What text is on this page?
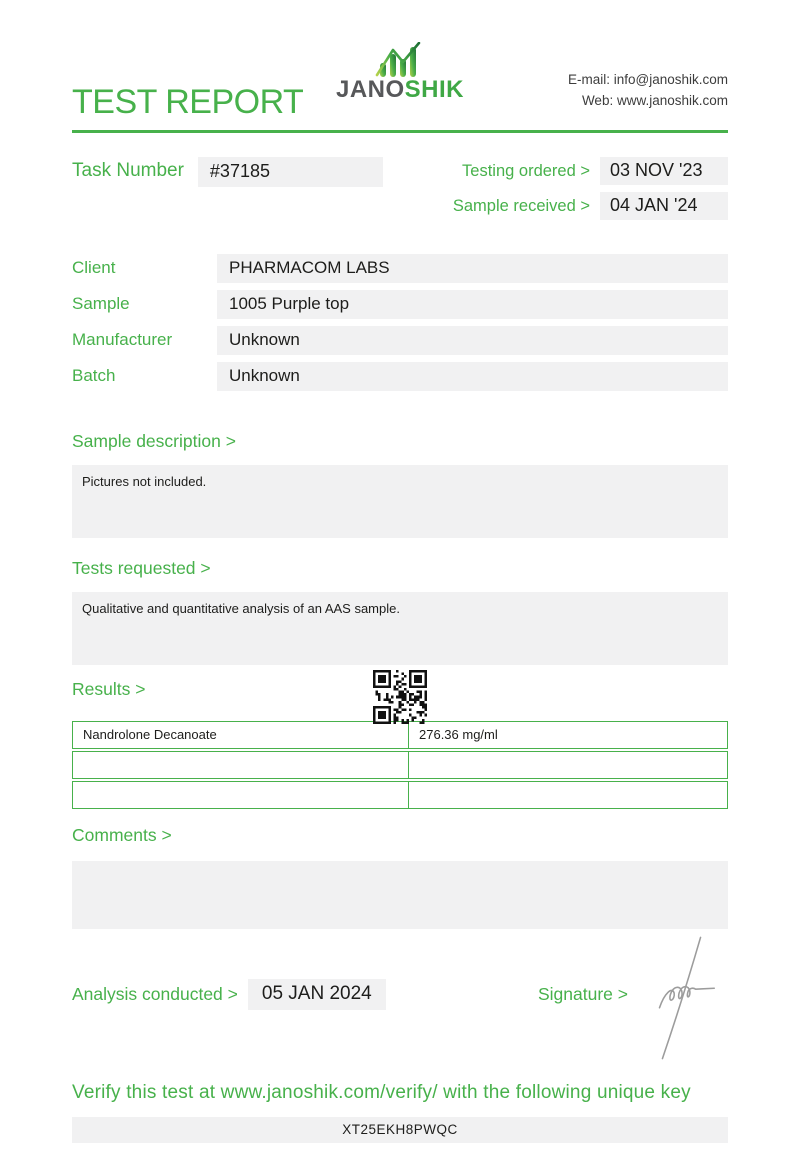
TEST REPORT JANOSHIK	E-mail: info@janoshik.com
Web: www.janoshik.com
Task Number	#37185	Testing ordered >	03 NOV '23
Sample received >	04 JAN '24
Client	PHARMACOM LABS
Sample	1005 Purple top
Manufacturer	Unknown
Batch	Unknown
Sample description >
Pictures not included.
Tests requested >
Qualitative and quantitative analysis of an AAS sample.
Results >
Nandrolone Decanoate	276.36 mg/ml
Comments >
Analysis conducted >	05 JAN 2024	Signature >
Verify this test at www.janoshik.com/verify/ with the following unique key
XT25EKH8PWQC
